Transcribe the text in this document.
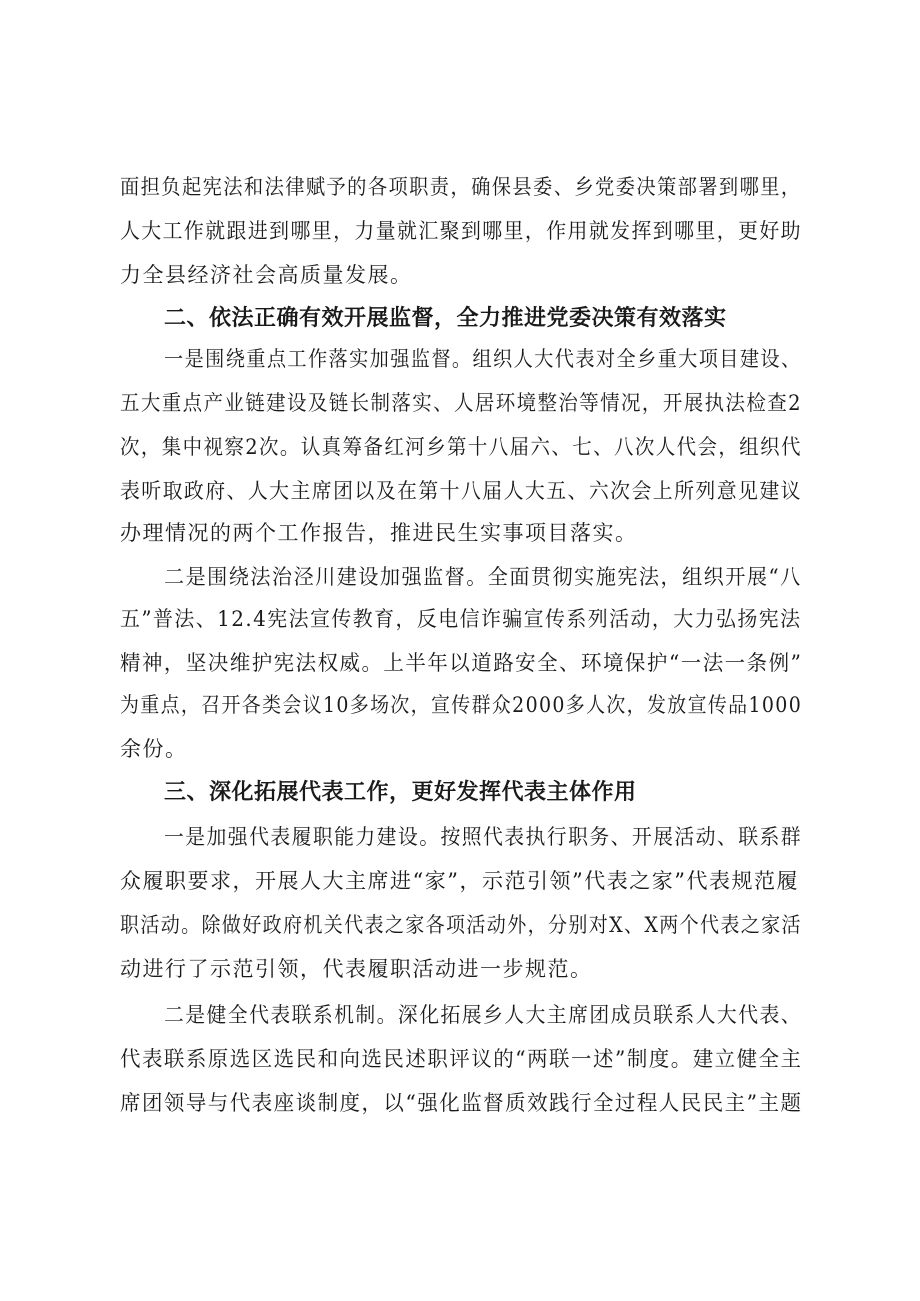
面担负起宪法和法律赋予的各项职责，确保县委、乡党委决策部署到哪里，
人大工作就跟进到哪里，力量就汇聚到哪里，作用就发挥到哪里，更好助
力全县经济社会高质量发展。
二、依法正确有效开展监督，全力推进党委决策有效落实
一是围绕重点工作落实加强监督。组织人大代表对全乡重大项目建设、
五大重点产业链建设及链长制落实、人居环境整治等情况，开展执法检查2
次，集中视察2次。认真筹备红河乡第十八届六、七、八次人代会，组织代
表听取政府、人大主席团以及在第十八届人大五、六次会上所列意见建议
办理情况的两个工作报告，推进民生实事项目落实。
二是围绕法治泾川建设加强监督。全面贯彻实施宪法，组织开展“八
五”普法、12.4宪法宣传教育，反电信诈骗宣传系列活动，大力弘扬宪法
精神，坚决维护宪法权威。上半年以道路安全、环境保护“一法一条例”
为重点，召开各类会议10多场次，宣传群众2000多人次，发放宣传品1000
余份。
三、深化拓展代表工作，更好发挥代表主体作用
一是加强代表履职能力建设。按照代表执行职务、开展活动、联系群
众履职要求，开展人大主席进“家”，示范引领”代表之家”代表规范履
职活动。除做好政府机关代表之家各项活动外，分别对X、X两个代表之家活
动进行了示范引领，代表履职活动进一步规范。
二是健全代表联系机制。深化拓展乡人大主席团成员联系人大代表、
代表联系原选区选民和向选民述职评议的“两联一述”制度。建立健全主
席团领导与代表座谈制度，以“强化监督质效践行全过程人民民主”主题
